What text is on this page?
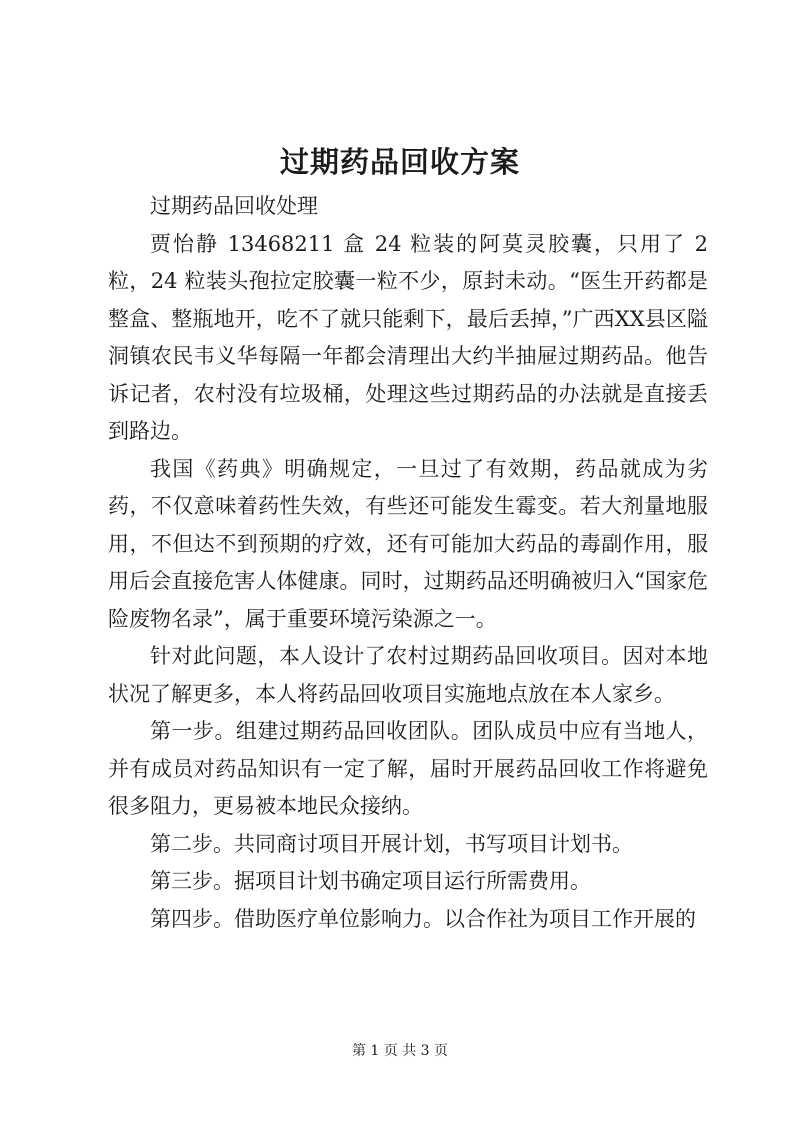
过期药品回收方案

过期药品回收处理

贾怡静 13468211 盒 24 粒装的阿莫灵胶囊，只用了 2 粒，24 粒装头孢拉定胶囊一粒不少，原封未动。“医生开药都是整盒、整瓶地开，吃不了就只能剩下，最后丢掉，”广西XX县区隘洞镇农民韦义华每隔一年都会清理出大约半抽屉过期药品。他告诉记者，农村没有垃圾桶，处理这些过期药品的办法就是直接丢到路边。

我国《药典》明确规定，一旦过了有效期，药品就成为劣药，不仅意味着药性失效，有些还可能发生霉变。若大剂量地服用，不但达不到预期的疗效，还有可能加大药品的毒副作用，服用后会直接危害人体健康。同时，过期药品还明确被归入“国家危险废物名录”，属于重要环境污染源之一。

针对此问题，本人设计了农村过期药品回收项目。因对本地状况了解更多，本人将药品回收项目实施地点放在本人家乡。

第一步。组建过期药品回收团队。团队成员中应有当地人，并有成员对药品知识有一定了解，届时开展药品回收工作将避免很多阻力，更易被本地民众接纳。

第二步。共同商讨项目开展计划，书写项目计划书。

第三步。据项目计划书确定项目运行所需费用。

第四步。借助医疗单位影响力。以合作社为项目工作开展的

第 1 页 共 3 页
